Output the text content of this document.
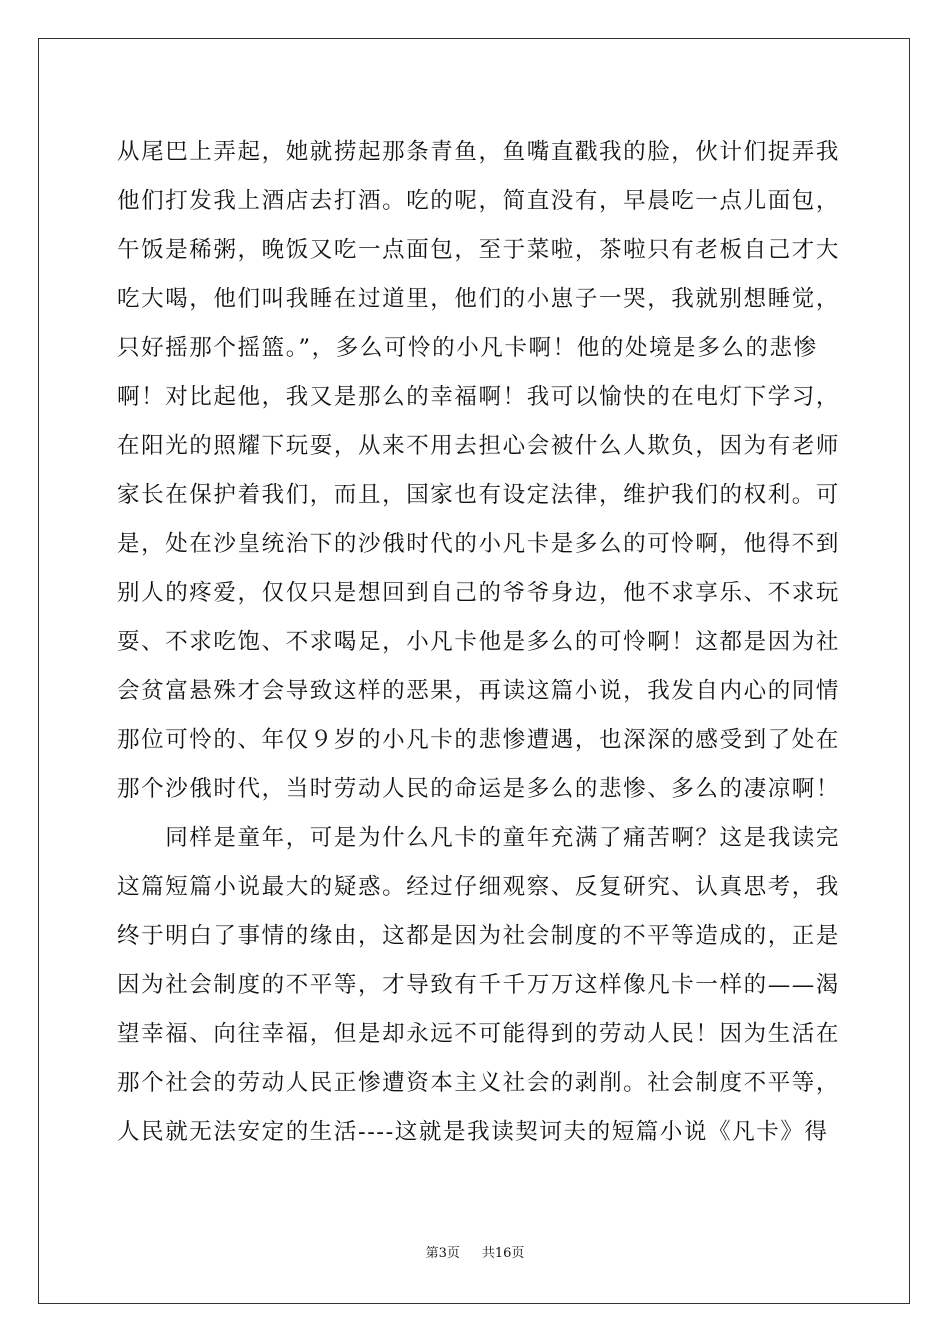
从尾巴上弄起，她就捞起那条青鱼，鱼嘴直戳我的脸，伙计们捉弄我
他们打发我上酒店去打酒。吃的呢，简直没有，早晨吃一点儿面包，
午饭是稀粥，晚饭又吃一点面包，至于菜啦，茶啦只有老板自己才大
吃大喝，他们叫我睡在过道里，他们的小崽子一哭，我就别想睡觉，
只好摇那个摇篮。”，多么可怜的小凡卡啊！他的处境是多么的悲惨
啊！对比起他，我又是那么的幸福啊！我可以愉快的在电灯下学习，
在阳光的照耀下玩耍，从来不用去担心会被什么人欺负，因为有老师
家长在保护着我们，而且，国家也有设定法律，维护我们的权利。可
是，处在沙皇统治下的沙俄时代的小凡卡是多么的可怜啊，他得不到
别人的疼爱，仅仅只是想回到自己的爷爷身边，他不求享乐、不求玩
耍、不求吃饱、不求喝足，小凡卡他是多么的可怜啊！这都是因为社
会贫富悬殊才会导致这样的恶果，再读这篇小说，我发自内心的同情
那位可怜的、年仅９岁的小凡卡的悲惨遭遇，也深深的感受到了处在
那个沙俄时代，当时劳动人民的命运是多么的悲惨、多么的凄凉啊！
　　同样是童年，可是为什么凡卡的童年充满了痛苦啊？这是我读完
这篇短篇小说最大的疑惑。经过仔细观察、反复研究、认真思考，我
终于明白了事情的缘由，这都是因为社会制度的不平等造成的，正是
因为社会制度的不平等，才导致有千千万万这样像凡卡一样的——渴
望幸福、向往幸福，但是却永远不可能得到的劳动人民！因为生活在
那个社会的劳动人民正惨遭资本主义社会的剥削。社会制度不平等，
人民就无法安定的生活----这就是我读契诃夫的短篇小说《凡卡》得
第3页 共16页
